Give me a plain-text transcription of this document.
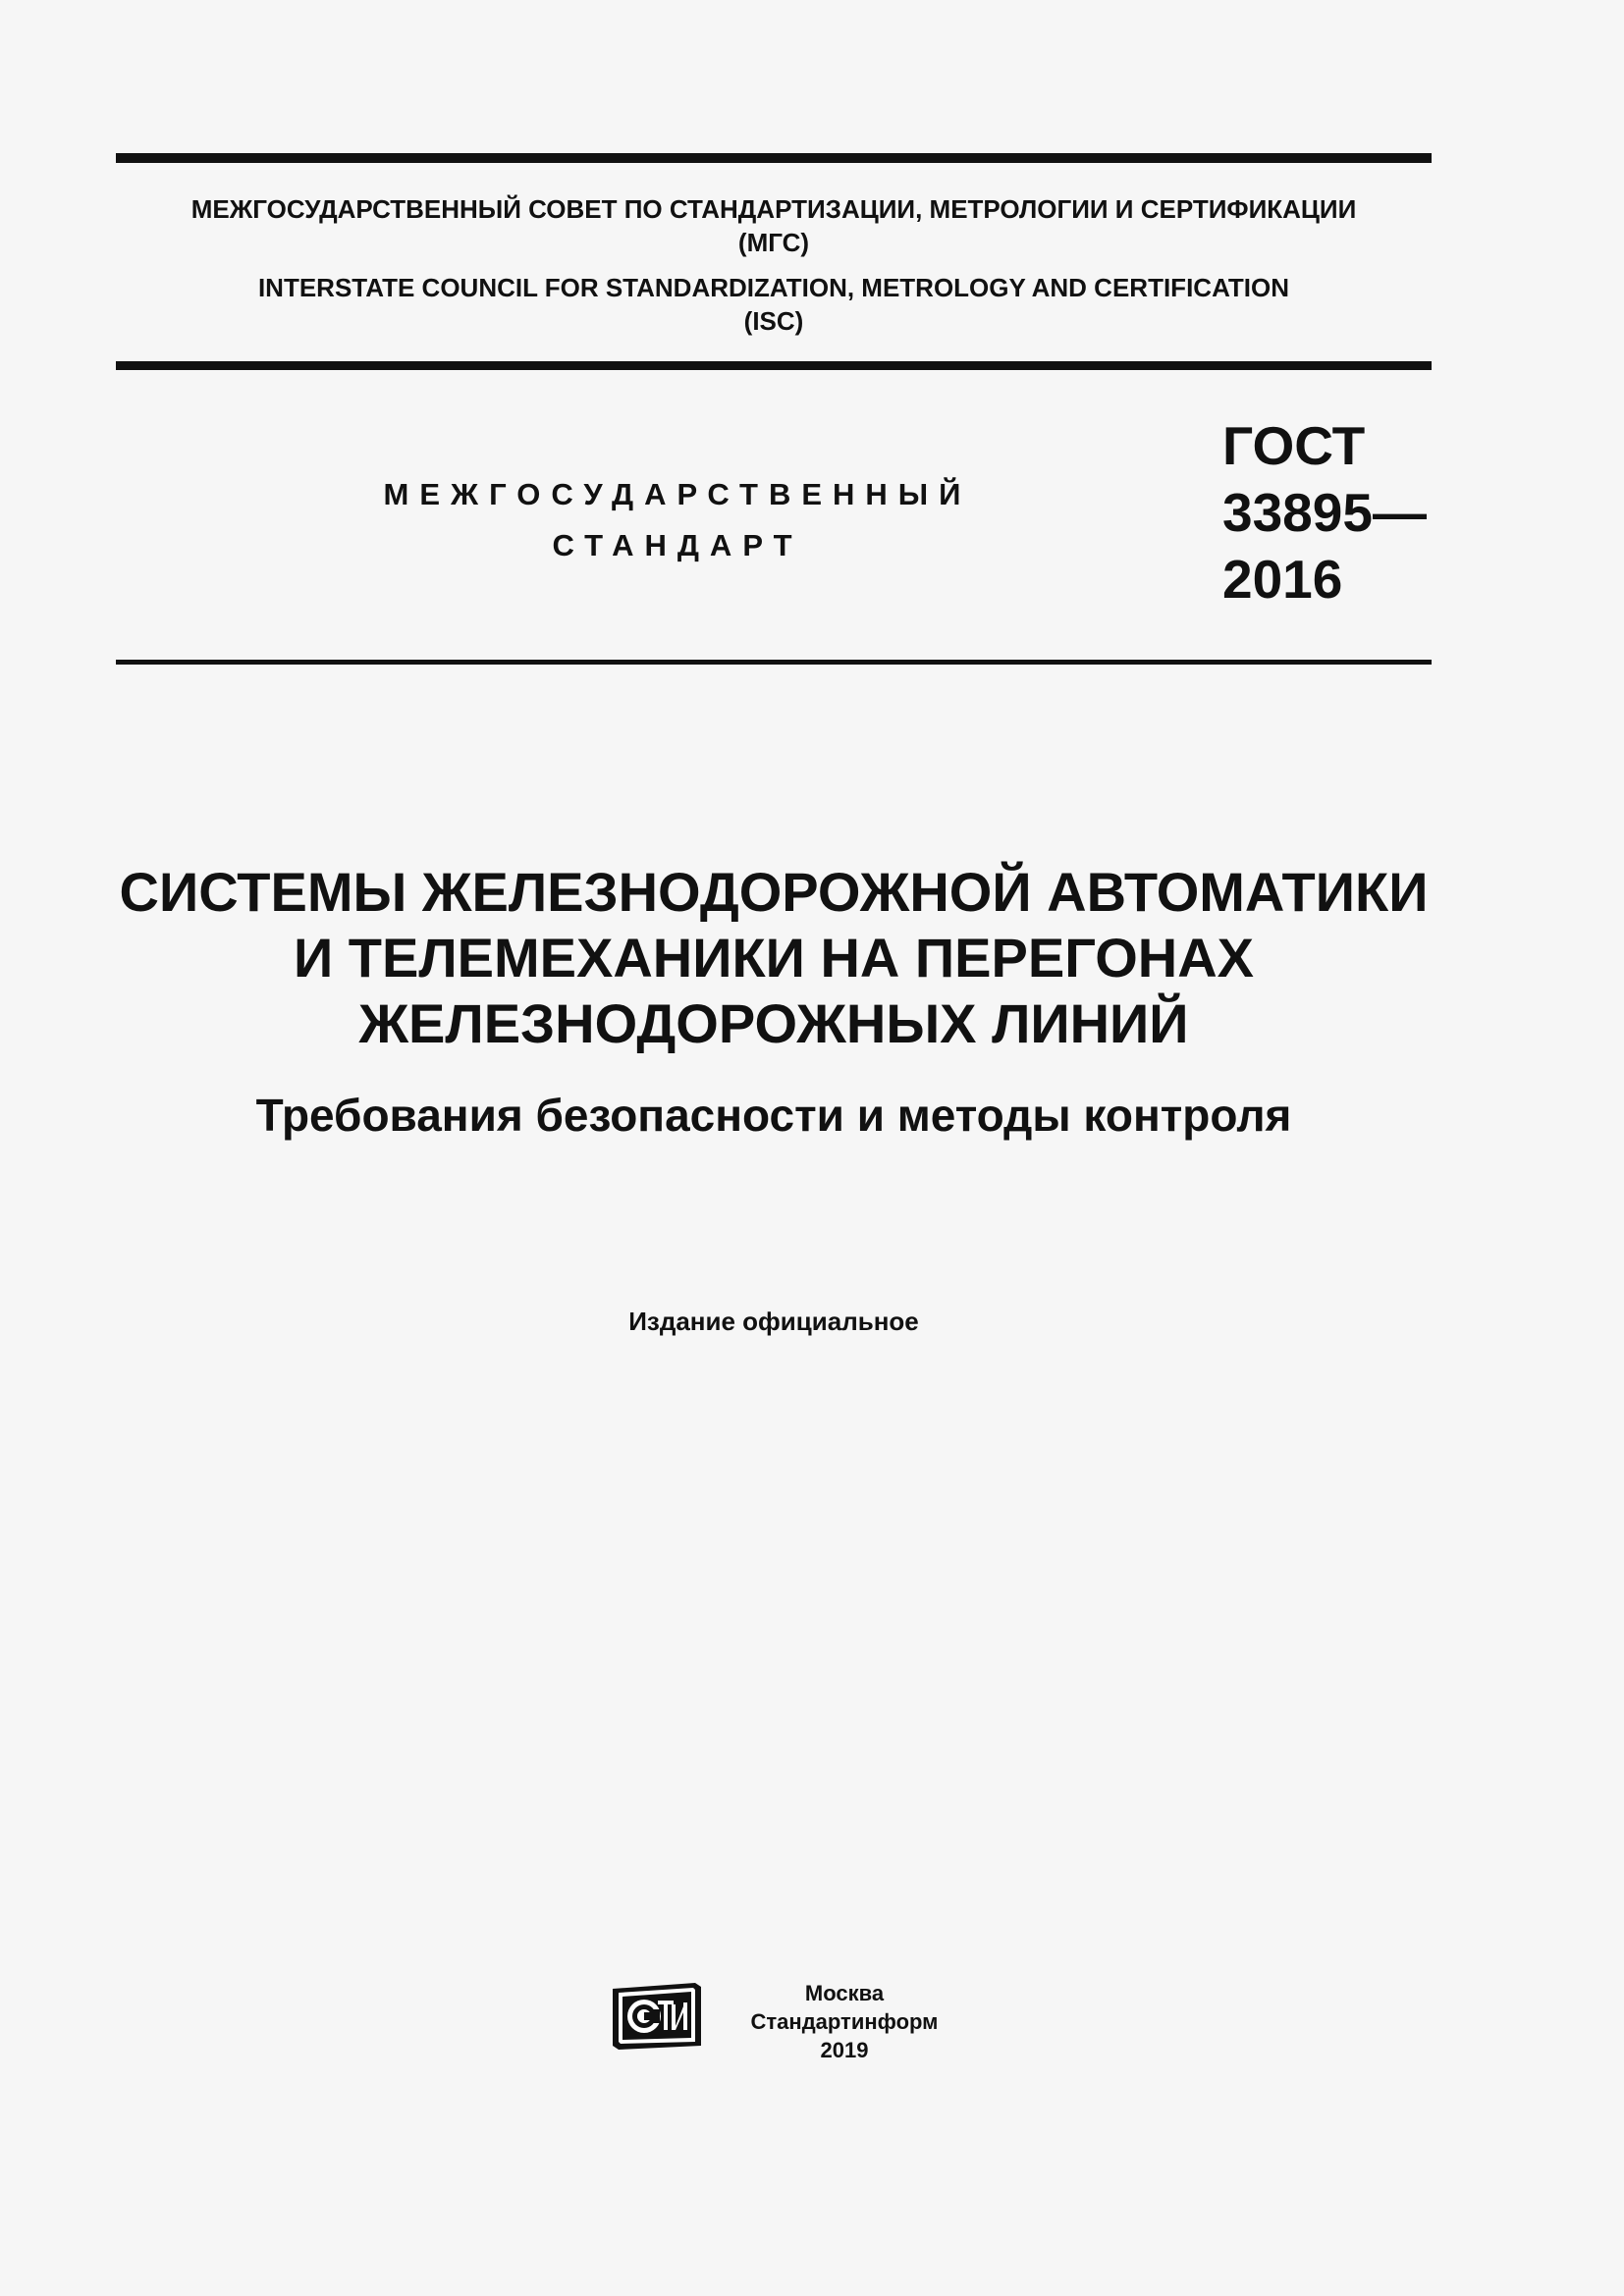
МЕЖГОСУДАРСТВЕННЫЙ СОВЕТ ПО СТАНДАРТИЗАЦИИ, МЕТРОЛОГИИ И СЕРТИФИКАЦИИ
(МГС)
INTERSTATE COUNCIL FOR STANDARDIZATION, METROLOGY AND CERTIFICATION
(ISC)
МЕЖГОСУДАРСТВЕННЫЙ
СТАНДАРТ
ГОСТ
33895—
2016
СИСТЕМЫ ЖЕЛЕЗНОДОРОЖНОЙ АВТОМАТИКИ
И ТЕЛЕМЕХАНИКИ НА ПЕРЕГОНАХ
ЖЕЛЕЗНОДОРОЖНЫХ ЛИНИЙ
Требования безопасности и методы контроля
Издание официальное
Москва
Стандартинформ
2019
